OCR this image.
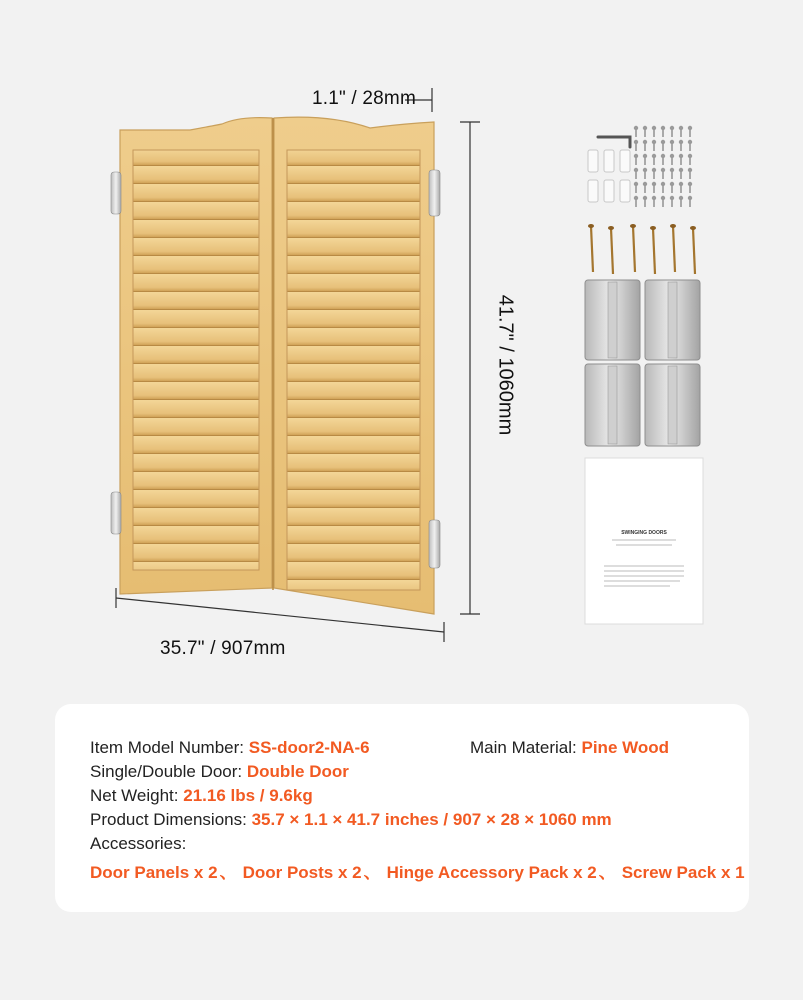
SWINGING DOORS
1.1" / 28mm
41.7" / 1060mm
35.7" / 907mm
Item Model Number: SS-door2-NA-6	Main Material: Pine Wood
Single/Double Door: Double Door
Net Weight: 21.16 lbs / 9.6kg
Product Dimensions: 35.7 × 1.1 × 41.7 inches / 907 × 28 × 1060 mm
Accessories:
Door Panels x 2 、 Door Posts x 2 、 Hinge Accessory Pack x 2 、 Screw Pack x 1
